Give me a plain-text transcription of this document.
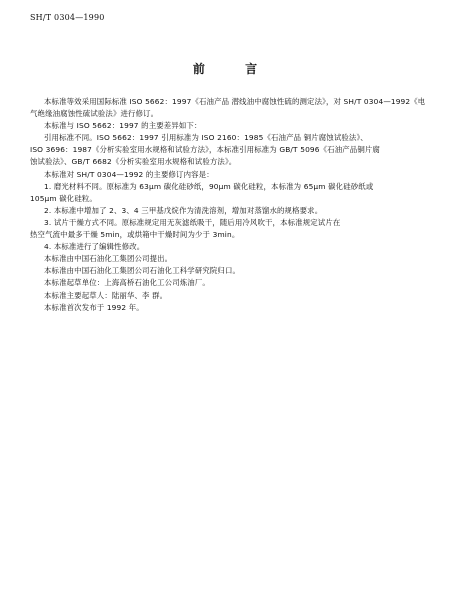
SH/T 0304—1990
前 言

本标准等效采用国际标准 ISO 5662：1997《石油产品 潜线油中腐蚀性硫的测定法》，对 SH/T 0304—1992《电

气绝缘油腐蚀性硫试验法》进行修订。

本标准与 ISO 5662：1997 的主要差异如下：

引用标准不同。ISO 5662：1997 引用标准为 ISO 2160：1985《石油产品 铜片腐蚀试验法》、

ISO 3696：1987《分析实验室用水规格和试验方法》，本标准引用标准为 GB/T 5096《石油产品铜片腐

蚀试验法》、GB/T 6682《分析实验室用水规格和试验方法》。

本标准对 SH/T 0304—1992 的主要修订内容是：

1. 磨光材料不同。原标准为 63μm 碳化硅砂纸，90μm 碳化硅粒，本标准为 65μm 碳化硅砂纸或

105μm 碳化硅粒。

2. 本标准中增加了 2、3、4 三甲基戊烷作为清洗溶剂，增加对蒸馏水的规格要求。

3. 试片干燥方式不同。原标准规定用无灰滤纸吸干，随后用冷风吹干，本标准规定试片在

热空气流中最多干燥 5min，或烘箱中干燥时间为少于 3min。

4. 本标准进行了编辑性修改。

本标准由中国石油化工集团公司提出。

本标准由中国石油化工集团公司石油化工科学研究院归口。

本标准起草单位：上海高桥石油化工公司炼油厂。

本标准主要起草人：陆丽华、李 群。

本标准首次发布于 1992 年。
